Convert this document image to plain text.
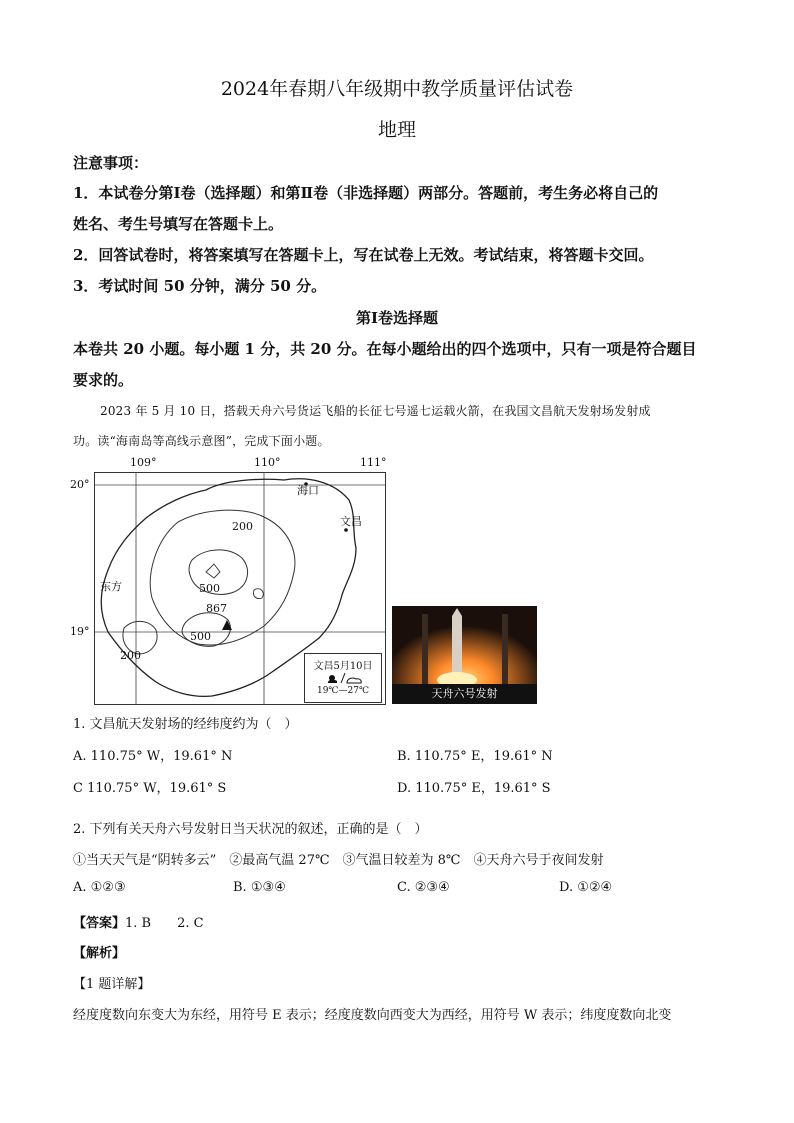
2024年春期八年级期中教学质量评估试卷
地理
注意事项：
1．本试卷分第Ⅰ卷（选择题）和第Ⅱ卷（非选择题）两部分。答题前，考生务必将自己的
姓名、考生号填写在答题卡上。
2．回答试卷时，将答案填写在答题卡上，写在试卷上无效。考试结束，将答题卡交回。
3．考试时间 50 分钟，满分 50 分。
第Ⅰ卷选择题
本卷共 20 小题。每小题 1 分，共 20 分。在每小题给出的四个选项中，只有一项是符合题目
要求的。
2023 年 5 月 10 日，搭载天舟六号货运飞船的长征七号遥七运载火箭，在我国文昌航天发射场发射成
功。读“海南岛等高线示意图”，完成下面小题。
109°	110°	111°
20°
19°
海口
文昌
东方
200
500
500
200
867
文昌5月10日
19℃—27℃	天舟六号发射
1. 文昌航天发射场的经纬度约为（　）
A. 110.75° W，19.61° N	B. 110.75° E，19.61° N
C 110.75° W，19.61° S	D. 110.75° E，19.61° S
2. 下列有关天舟六号发射日当天状况的叙述，正确的是（　）
①当天天气是“阴转多云”　②最高气温 27℃　③气温日较差为 8℃　④天舟六号于夜间发射
A. ①②③	B. ①③④	C. ②③④	D. ①②④
【答案】1. B　　2. C
【解析】
【1 题详解】
经度度数向东变大为东经，用符号 E 表示；经度度数向西变大为西经，用符号 W 表示；纬度度数向北变
